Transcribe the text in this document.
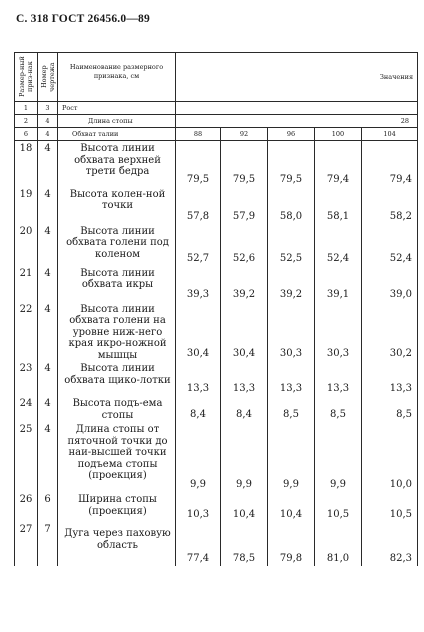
С. 318 ГОСТ 26456.0—89
Размер-ный приз-нак	Номер чертежа	Наименование размерного признака, см	Значения				
1	3	Рост					
2	4	Длина стопы	28				
6	4	Обхват талии	88	92	96	100	104
18	4	Высота линии обхвата верхней трети бедра	79,5	79,5	79,5	79,4	79,4
19	4	Высота колен-ной точки	57,8	57,9	58,0	58,1	58,2
20	4	Высота линии обхвата голени под коленом	52,7	52,6	52,5	52,4	52,4
21	4	Высота линии обхвата икры	39,3	39,2	39,2	39,1	39,0
22	4	Высота линии обхвата голени на уровне ниж-него края икро-ножной мышцы	30,4	30,4	30,3	30,3	30,2
23	4	Высота линии обхвата щико-лотки	13,3	13,3	13,3	13,3	13,3
24	4	Высота подъ-ема стопы	8,4	8,4	8,5	8,5	8,5
25	4	Длина стопы от пяточной точки до наи-высшей точки подъема стопы (проекция)	9,9	9,9	9,9	9,9	10,0
26	6	Ширина стопы (проекция)	10,3	10,4	10,4	10,5	10,5
27	7	Дуга через паховую область	77,4	78,5	79,8	81,0	82,3
